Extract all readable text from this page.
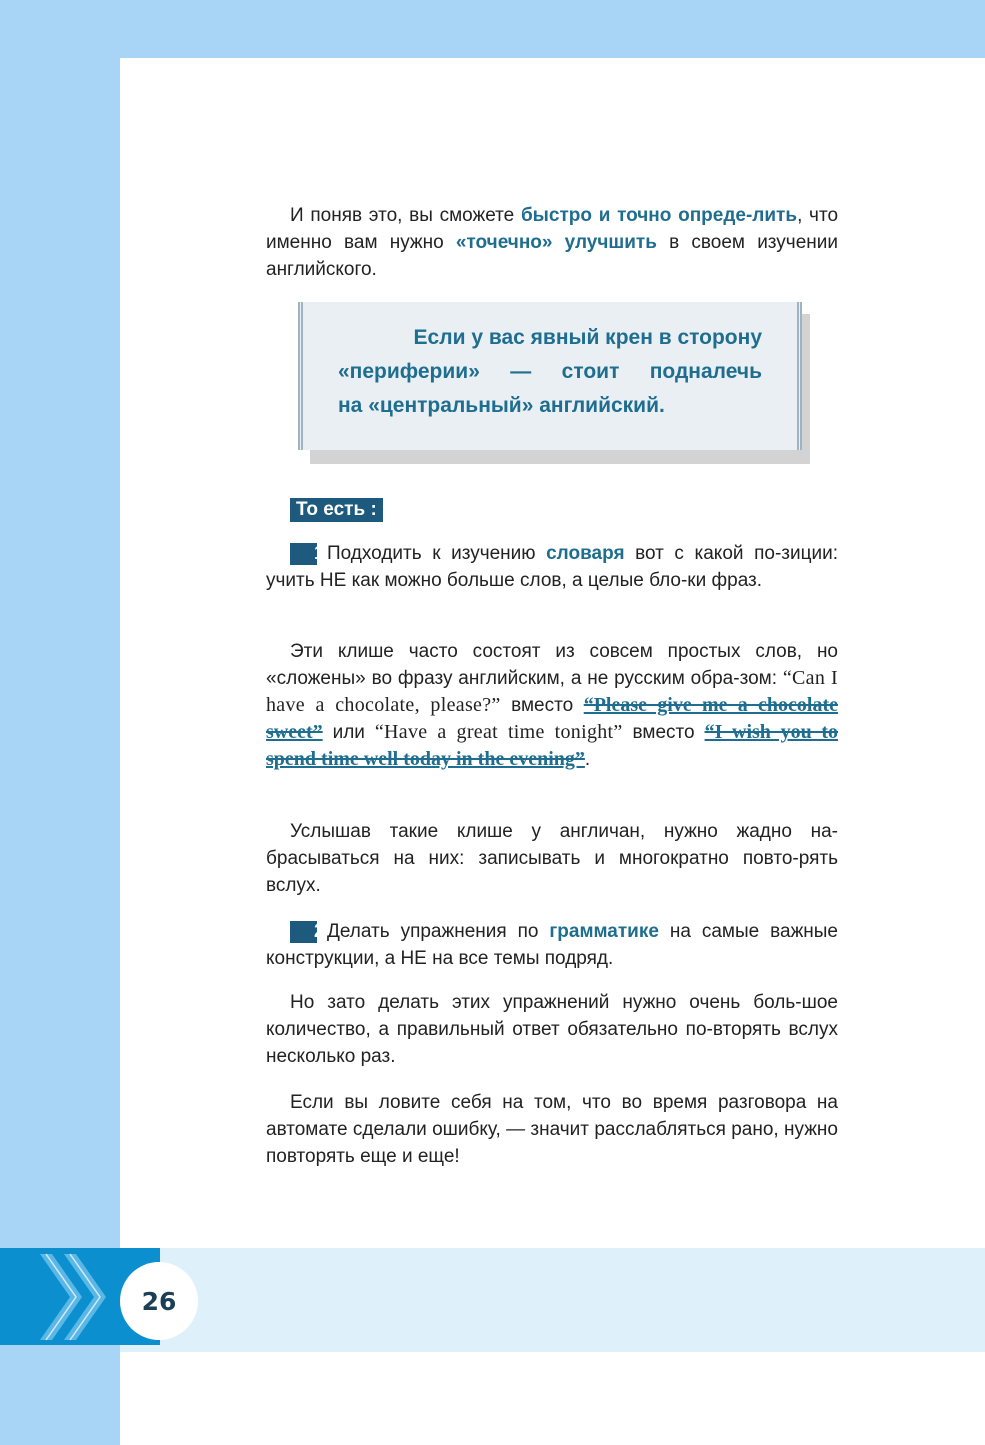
И поняв это, вы сможете быстро и точно опреде-лить, что именно вам нужно «точечно» улучшить в своем изучении английского.

Если у вас явный крен в сторону
«периферии» — стоит подналечь
на «центральный» английский.
То есть :

1.Подходить к изучению словаря вот с какой по-зиции: учить НЕ как можно больше слов, а целые бло-ки фраз.

Эти клише часто состоят из совсем простых слов, но «сложены» во фразу английским, а не русским обра-зом: “Can I have a chocolate, please?” вместо “Please give me a chocolate sweet” или “Have a great time tonight” вместо “I wish you to spend time well today in the evening”.

Услышав такие клише у англичан, нужно жадно на-брасываться на них: записывать и многократно повто-рять вслух.

2.Делать упражнения по грамматике на самые важные конструкции, а НЕ на все темы подряд.

Но зато делать этих упражнений нужно очень боль-шое количество, а правильный ответ обязательно по-вторять вслух несколько раз.

Если вы ловите себя на том, что во время разговора на автомате сделали ошибку, — значит расслабляться рано, нужно повторять еще и еще!

26
